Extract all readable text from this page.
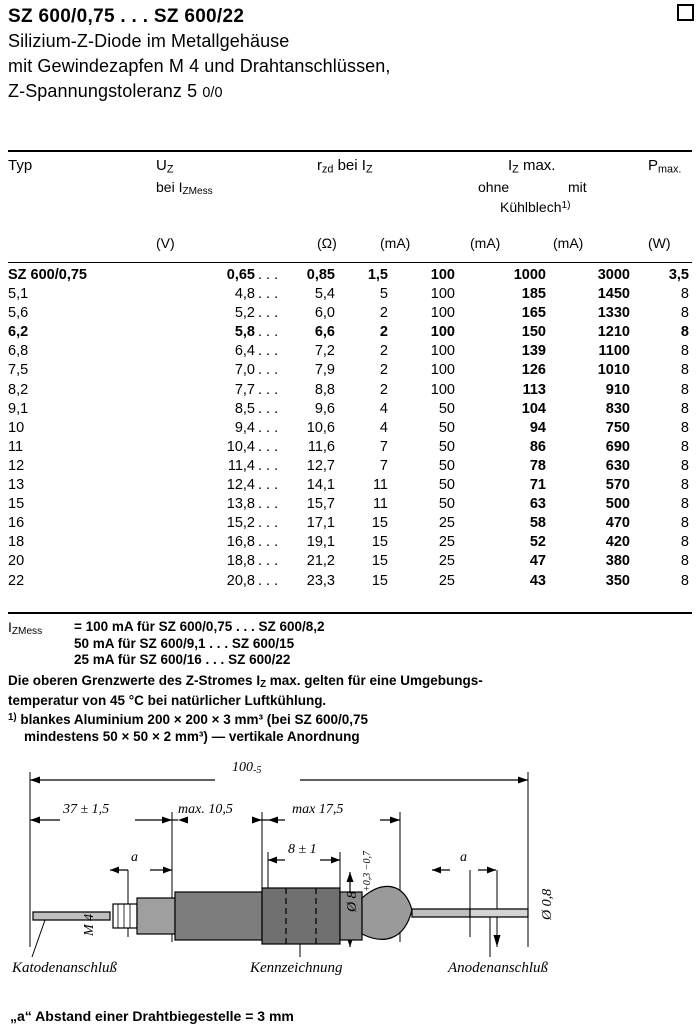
SZ 600/0,75 . . . SZ 600/22
Silizium-Z-Diode im Metallgehäuse
mit Gewindezapfen M 4 und Drahtanschlüssen,
Z-Spannungstoleranz 5 0/0
Typ	$U_Z$
bei $I_{ZMess}$
$r_{zd}$ bei $I_Z$	$I_Z$ max.
ohne	mit
Kühlblech$^{1)}$
$P_{max.}$
(V)	(Ω)	(mA)	(mA)	(mA)	(W)
SZ 600/0,75	0,65 . . .	0,85	1,5	100	1000	3000	3,5
5,1	4,8 . . .	5,4	5	100	185	1450	8
5,6	5,2 . . .	6,0	2	100	165	1330	8
6,2	5,8 . . .	6,6	2	100	150	1210	8
6,8	6,4 . . .	7,2	2	100	139	1100	8
7,5	7,0 . . .	7,9	2	100	126	1010	8
8,2	7,7 . . .	8,8	2	100	113	910	8
9,1	8,5 . . .	9,6	4	50	104	830	8
10	9,4 . . .	10,6	4	50	94	750	8
11	10,4 . . .	11,6	7	50	86	690	8
12	11,4 . . .	12,7	7	50	78	630	8
13	12,4 . . .	14,1	11	50	71	570	8
15	13,8 . . .	15,7	11	50	63	500	8
16	15,2 . . .	17,1	15	25	58	470	8
18	16,8 . . .	19,1	15	25	52	420	8
20	18,8 . . .	21,2	15	25	47	380	8
22	20,8 . . .	23,3	15	25	43	350	8
$I_{ZMess} = 100$ mA für SZ 600/0,75 . . . SZ 600/8,2
50 mA für SZ 600/9,1 . . . SZ 600/15
25 mA für SZ 600/16 . . . SZ 600/22
Die oberen Grenzwerte des Z-Stromes $I_Z$ max. gelten für eine Umgebungs-
temperatur von 45 °C bei natürlicher Luftkühlung.
$^{1)}$ blankes Aluminium 200 × 200 × 3 mm³ (bei SZ 600/0,75
mindestens 50 × 50 × 2 mm³) — vertikale Anordnung
$100_{-5}$
37 ± 1,5	max. 10,5	max 17,5
8 ± 1
a	a
M 4
Ø 8
+0,3 −0,7
Ø 0,8
Katodenanschluß	Kennzeichnung	Anodenanschluß
„a“ Abstand einer Drahtbiegestelle = 3 mm
